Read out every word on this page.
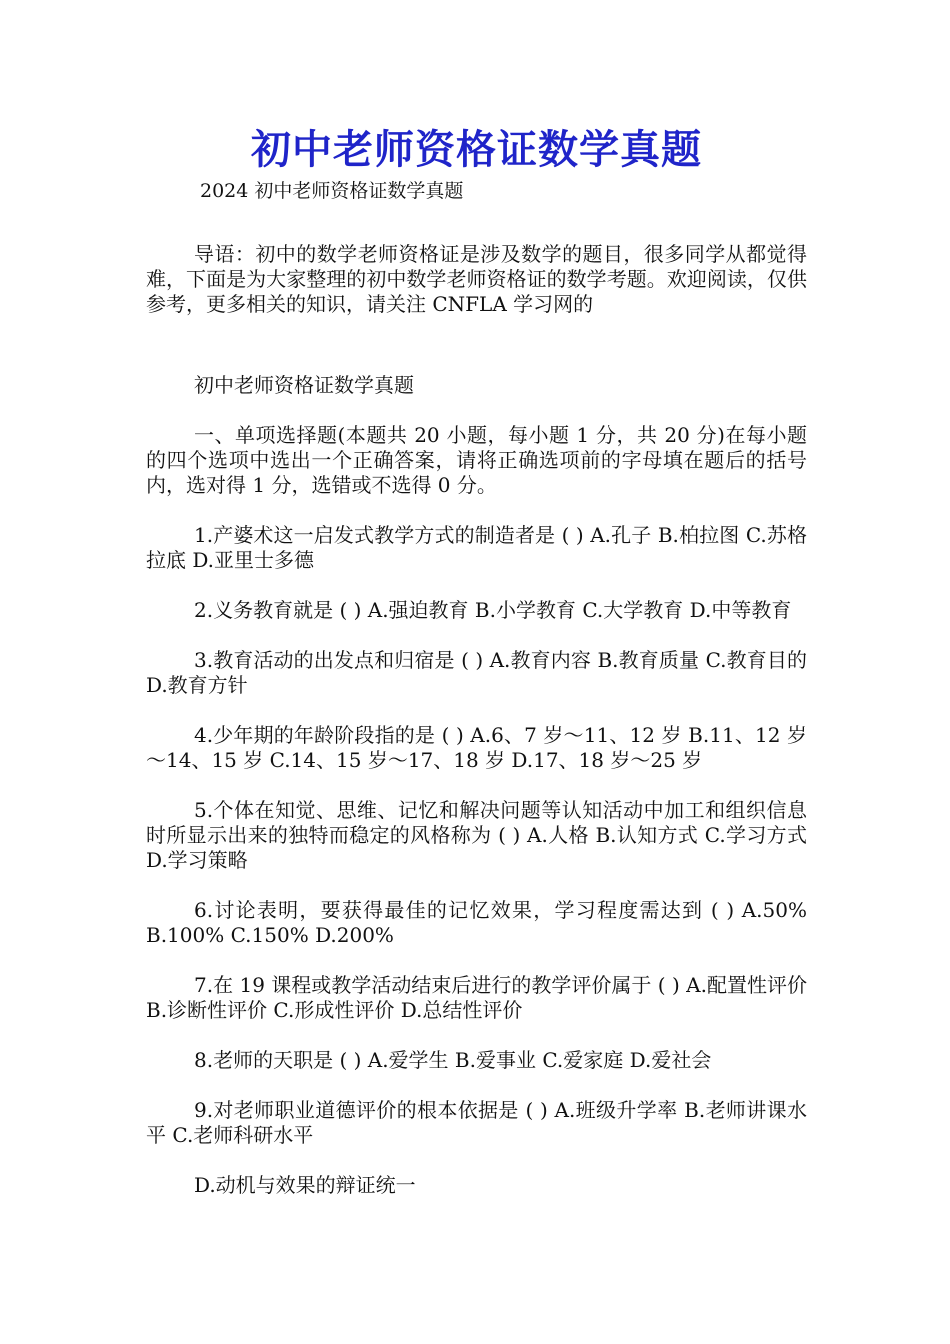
初中老师资格证数学真题
2024 初中老师资格证数学真题

导语：初中的数学老师资格证是涉及数学的题目，很多同学从都觉得难，下面是为大家整理的初中数学老师资格证的数学考题。欢迎阅读，仅供参考，更多相关的知识，请关注 CNFLA 学习网的

初中老师资格证数学真题

一、单项选择题(本题共 20 小题，每小题 1 分，共 20 分)在每小题的四个选项中选出一个正确答案，请将正确选项前的字母填在题后的括号内，选对得 1 分，选错或不选得 0 分。

1.产婆术这一启发式教学方式的制造者是 ( ) A.孔子 B.柏拉图 C.苏格拉底 D.亚里士多德

2.义务教育就是 ( ) A.强迫教育 B.小学教育 C.大学教育 D.中等教育

3.教育活动的出发点和归宿是 ( ) A.教育内容 B.教育质量 C.教育目的 D.教育方针

4.少年期的年龄阶段指的是 ( ) A.6、7 岁～11、12 岁 B.11、12 岁～14、15 岁 C.14、15 岁～17、18 岁 D.17、18 岁～25 岁

5.个体在知觉、思维、记忆和解决问题等认知活动中加工和组织信息时所显示出来的独特而稳定的风格称为 ( ) A.人格 B.认知方式 C.学习方式 D.学习策略

6.讨论表明，要获得最佳的记忆效果，学习程度需达到 ( ) A.50% B.100% C.150% D.200%

7.在 19 课程或教学活动结束后进行的教学评价属于 ( ) A.配置性评价 B.诊断性评价 C.形成性评价 D.总结性评价

8.老师的天职是 ( ) A.爱学生 B.爱事业 C.爱家庭 D.爱社会

9.对老师职业道德评价的根本依据是 ( ) A.班级升学率 B.老师讲课水平 C.老师科研水平

D.动机与效果的辩证统一
